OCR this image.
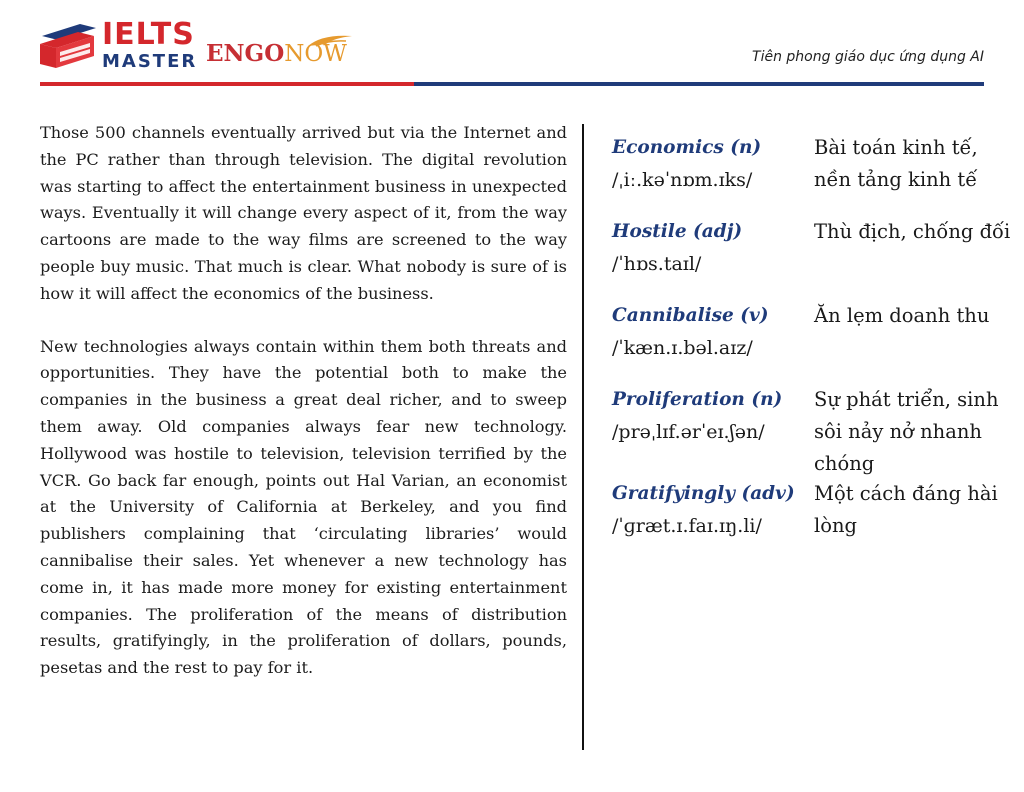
IELTS
MASTER ENGONOW	Tiên phong giáo dục ứng dụng AI

Those 500 channels eventually arrived but via the Internet and the PC rather than through television. The digital revolution was starting to affect the entertainment business in unexpected ways. Eventually it will change every aspect of it, from the way cartoons are made to the way films are screened to the way people buy music. That much is clear. What nobody is sure of is how it will affect the economics of the business.

New technologies always contain within them both threats and opportunities. They have the potential both to make the companies in the business a great deal richer, and to sweep them away. Old companies always fear new technology. Hollywood was hostile to television, television terrified by the VCR. Go back far enough, points out Hal Varian, an economist at the University of California at Berkeley, and you find publishers complaining that ‘circulating libraries’ would cannibalise their sales. Yet whenever a new technology has come in, it has made more money for existing entertainment companies. The proliferation of the means of distribution results, gratifyingly, in the proliferation of dollars, pounds, pesetas and the rest to pay for it.

Economics (n)
/ˌiː.kəˈnɒm.ɪks/
Bài toán kinh tế, nền tảng kinh tế
Hostile (adj)
/ˈhɒs.taɪl/
Thù địch, chống đối
Cannibalise (v)
/ˈkæn.ɪ.bəl.aɪz/
Ăn lẹm doanh thu
Proliferation (n)
/prəˌlɪf.ərˈeɪ.ʃən/
Sự phát triển, sinh sôi nảy nở nhanh chóng
Gratifyingly (adv)
/ˈɡræt.ɪ.faɪ.ɪŋ.li/
Một cách đáng hài lòng
